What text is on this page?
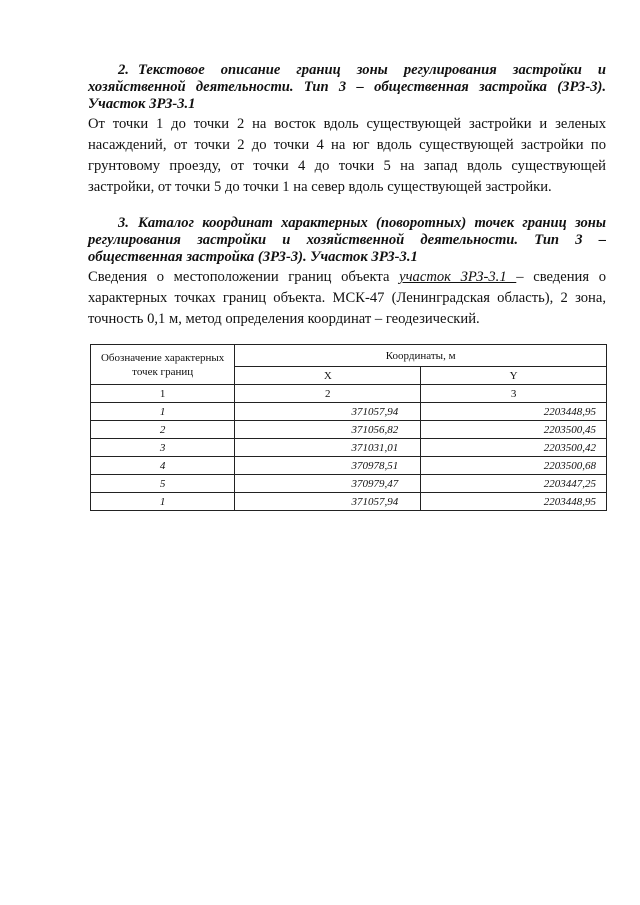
2. Текстовое описание границ зоны регулирования застройки и хозяйственной деятельности. Тип 3 – общественная застройка (ЗРЗ-3). Участок ЗРЗ-3.1

От точки 1 до точки 2 на восток вдоль существующей застройки и зеленых насаждений, от точки 2 до точки 4 на юг вдоль существующей застройки по грунтовому проезду, от точки 4 до точки 5 на запад вдоль существующей застройки, от точки 5 до точки 1 на север вдоль существующей застройки.

3. Каталог координат характерных (поворотных) точек границ зоны регулирования застройки и хозяйственной деятельности. Тип 3 – общественная застройка (ЗРЗ-3). Участок ЗРЗ-3.1

Сведения о местоположении границ объекта участок ЗРЗ-3.1 – сведения о характерных точках границ объекта. МСК-47 (Ленинградская область), 2 зона, точность 0,1 м, метод определения координат – геодезический.

Обозначение характерных точек границ	Координаты, м	
	X	Y
1	2	3
1	371057,94	2203448,95
2	371056,82	2203500,45
3	371031,01	2203500,42
4	370978,51	2203500,68
5	370979,47	2203447,25
1	371057,94	2203448,95
